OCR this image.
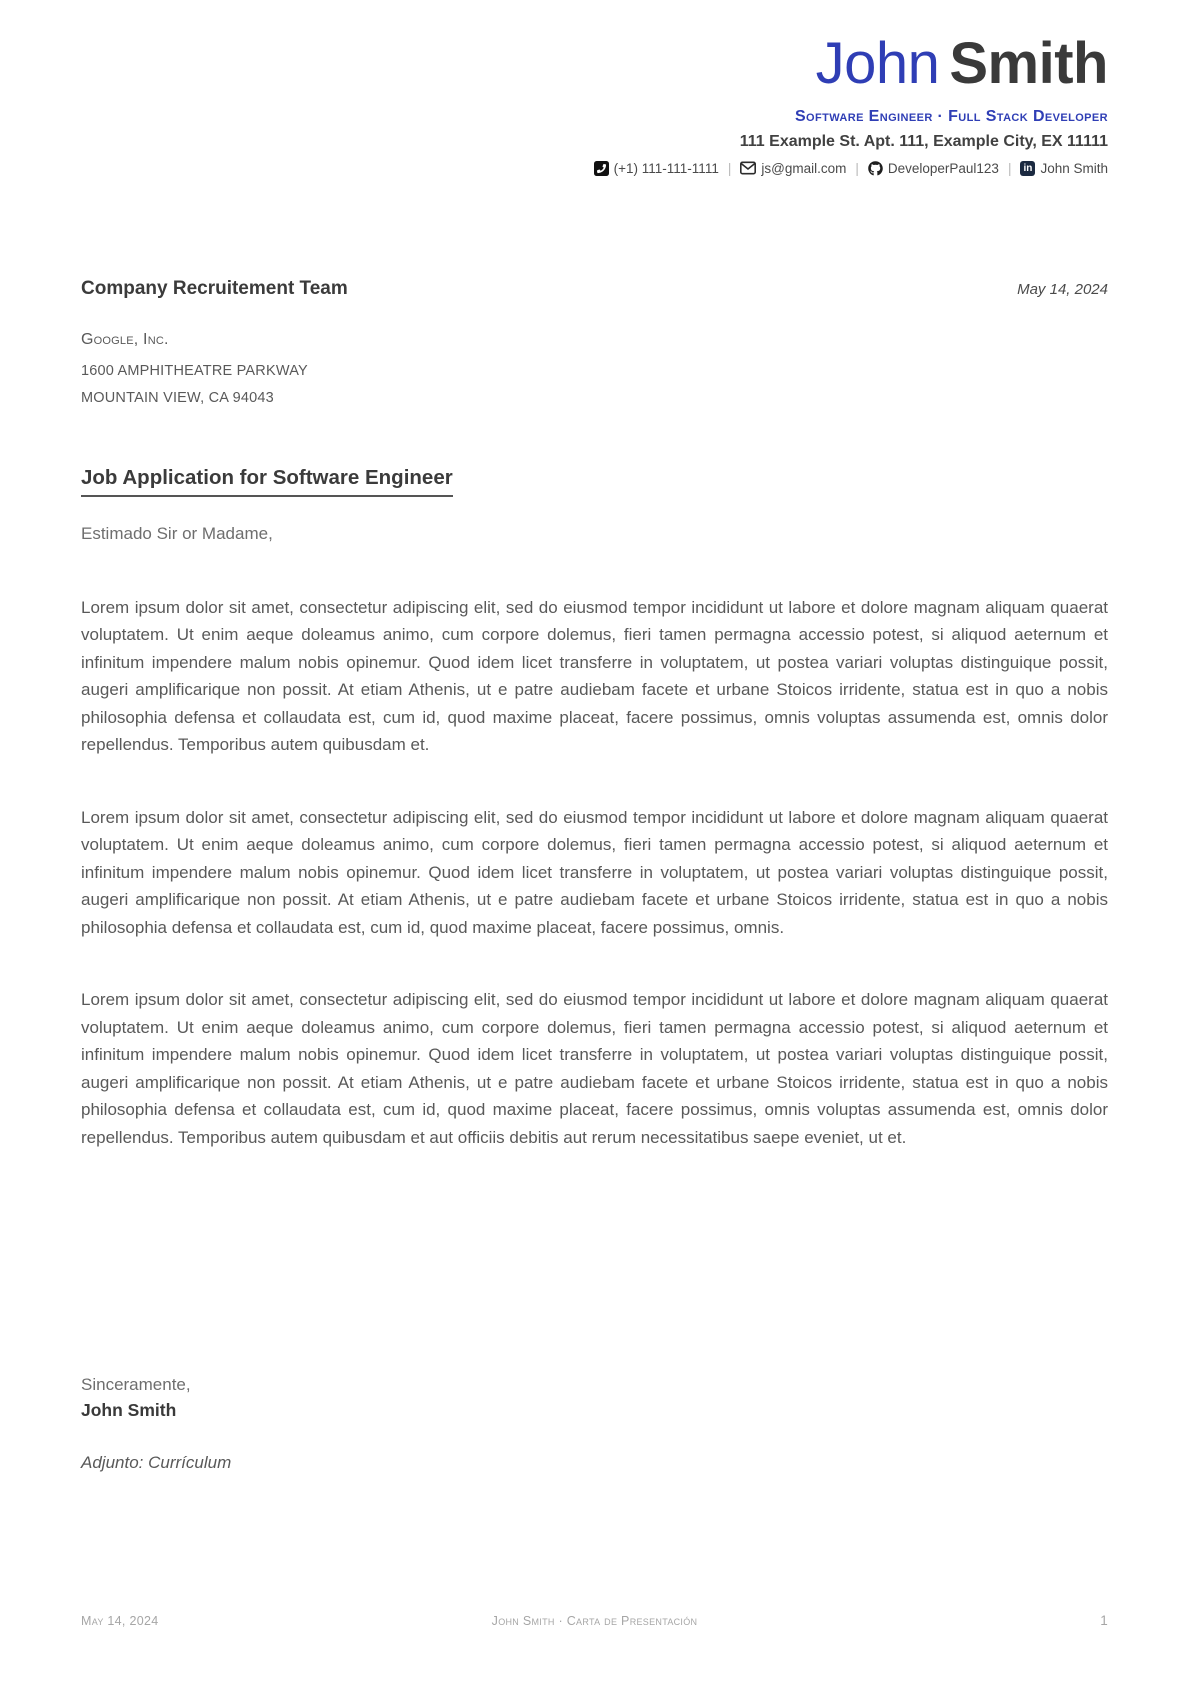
John Smith
Software Engineer · Full Stack Developer
111 Example St. Apt. 111, Example City, EX 11111
(+1) 111-111-1111 | js@gmail.com | DeveloperPaul123 |	in John Smith
Company Recruitement Team	May 14, 2024
Google, Inc.
1600 AMPHITHEATRE PARKWAY
MOUNTAIN VIEW, CA 94043
Job Application for Software Engineer
Estimado Sir or Madame,

Lorem ipsum dolor sit amet, consectetur adipiscing elit, sed do eiusmod tempor incididunt ut labore et dolore magnam aliquam quaerat voluptatem. Ut enim aeque doleamus animo, cum corpore dolemus, fieri tamen permagna accessio potest, si aliquod aeternum et infinitum impendere malum nobis opinemur. Quod idem licet transferre in voluptatem, ut postea variari voluptas distinguique possit, augeri amplificarique non possit. At etiam Athenis, ut e patre audiebam facete et urbane Stoicos irridente, statua est in quo a nobis philosophia defensa et collaudata est, cum id, quod maxime placeat, facere possimus, omnis voluptas assumenda est, omnis dolor repellendus. Temporibus autem quibusdam et.

Lorem ipsum dolor sit amet, consectetur adipiscing elit, sed do eiusmod tempor incididunt ut labore et dolore magnam aliquam quaerat voluptatem. Ut enim aeque doleamus animo, cum corpore dolemus, fieri tamen permagna accessio potest, si aliquod aeternum et infinitum impendere malum nobis opinemur. Quod idem licet transferre in voluptatem, ut postea variari voluptas distinguique possit, augeri amplificarique non possit. At etiam Athenis, ut e patre audiebam facete et urbane Stoicos irridente, statua est in quo a nobis philosophia defensa et collaudata est, cum id, quod maxime placeat, facere possimus, omnis.

Lorem ipsum dolor sit amet, consectetur adipiscing elit, sed do eiusmod tempor incididunt ut labore et dolore magnam aliquam quaerat voluptatem. Ut enim aeque doleamus animo, cum corpore dolemus, fieri tamen permagna accessio potest, si aliquod aeternum et infinitum impendere malum nobis opinemur. Quod idem licet transferre in voluptatem, ut postea variari voluptas distinguique possit, augeri amplificarique non possit. At etiam Athenis, ut e patre audiebam facete et urbane Stoicos irridente, statua est in quo a nobis philosophia defensa et collaudata est, cum id, quod maxime placeat, facere possimus, omnis voluptas assumenda est, omnis dolor repellendus. Temporibus autem quibusdam et aut officiis debitis aut rerum necessitatibus saepe eveniet, ut et.

Sinceramente,
John Smith
Adjunto: Currículum
May 14, 2024	John Smith · Carta de Presentación	1
